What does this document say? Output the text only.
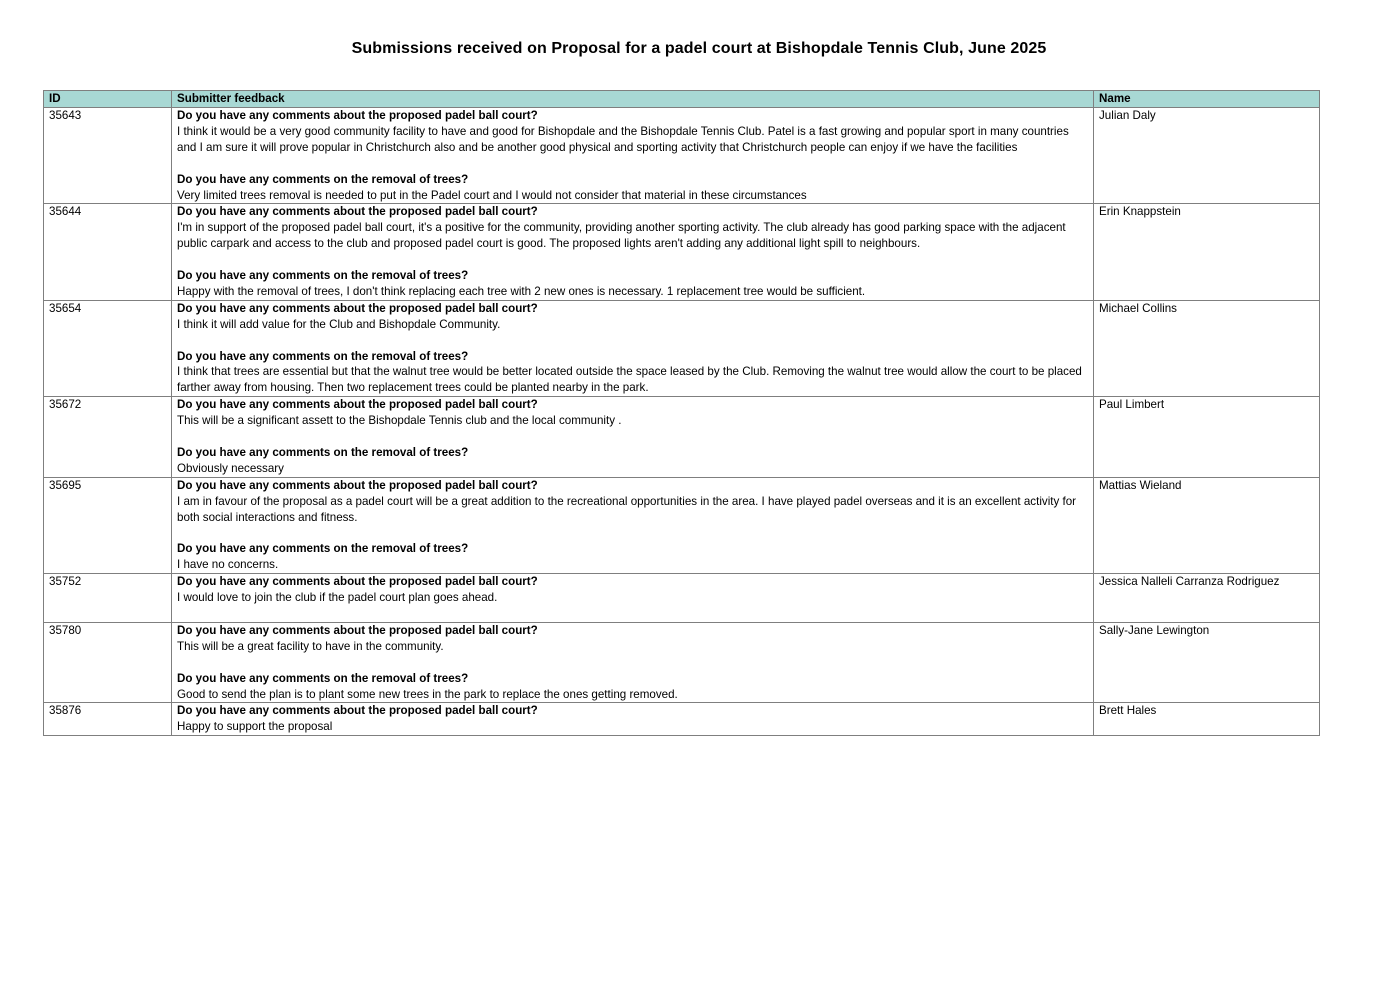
Submissions received on Proposal for a padel court at Bishopdale Tennis Club, June 2025
ID	Submitter feedback	Name
35643	Do you have any comments about the proposed padel ball court?
I think it would be a very good community facility to have and good for Bishopdale and the Bishopdale Tennis Club. Patel is a fast growing and popular sport in many countries and I am sure it will prove popular in Christchurch also and be another good physical and sporting activity that Christchurch people can enjoy if we have the facilities
Do you have any comments on the removal of trees?
Very limited trees removal is needed to put in the Padel court and I would not consider that material in these circumstances	Julian Daly
35644	Do you have any comments about the proposed padel ball court?
I'm in support of the proposed padel ball court, it's a positive for the community, providing another sporting activity. The club already has good parking space with the adjacent public carpark and access to the club and proposed padel court is good. The proposed lights aren't adding any additional light spill to neighbours.
Do you have any comments on the removal of trees?
Happy with the removal of trees, I don't think replacing each tree with 2 new ones is necessary. 1 replacement tree would be sufficient.	Erin Knappstein
35654	Do you have any comments about the proposed padel ball court?
I think it will add value for the Club and Bishopdale Community.
Do you have any comments on the removal of trees?
I think that trees are essential but that the walnut tree would be better located outside the space leased by the Club. Removing the walnut tree would allow the court to be placed farther away from housing. Then two replacement trees could be planted nearby in the park.	Michael Collins
35672	Do you have any comments about the proposed padel ball court?
This will be a significant assett to the Bishopdale Tennis club and the local community .
Do you have any comments on the removal of trees?
Obviously necessary	Paul Limbert
35695	Do you have any comments about the proposed padel ball court?
I am in favour of the proposal as a padel court will be a great addition to the recreational opportunities in the area. I have played padel overseas and it is an excellent activity for both social interactions and fitness.
Do you have any comments on the removal of trees?
I have no concerns.	Mattias Wieland
35752	Do you have any comments about the proposed padel ball court?
I would love to join the club if the padel court plan goes ahead.	Jessica Nalleli Carranza Rodriguez
35780	Do you have any comments about the proposed padel ball court?
This will be a great facility to have in the community.
Do you have any comments on the removal of trees?
Good to send the plan is to plant some new trees in the park to replace the ones getting removed.	Sally-Jane Lewington
35876	Do you have any comments about the proposed padel ball court?
Happy to support the proposal	Brett Hales
